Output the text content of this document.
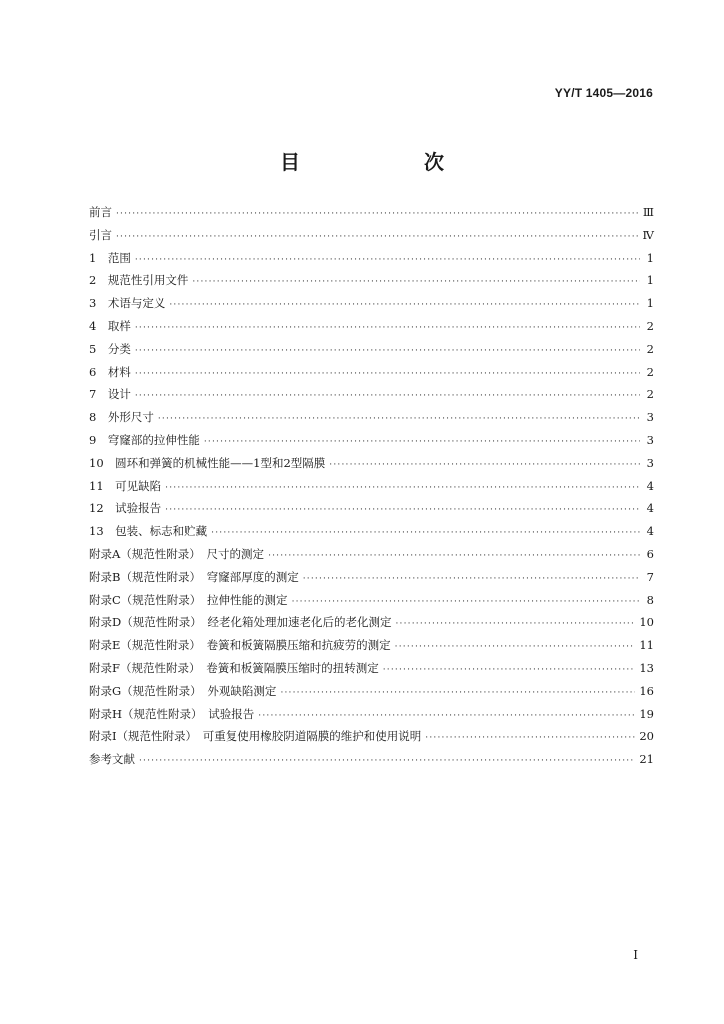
YY/T 1405—2016
目　　次
前言 ·····	Ⅲ
引言 ·····	Ⅳ
1　范围 ·····	1
2　规范性引用文件 ·····	1
3　术语与定义 ·····	1
4　取样 ·····	2
5　分类 ·····	2
6　材料 ·····	2
7　设计 ·····	2
8　外形尺寸 ·····	3
9　穹窿部的拉伸性能 ·····	3
10　圆环和弹簧的机械性能——1型和2型隔膜 ·····	3
11　可见缺陷 ·····	4
12　试验报告 ·····	4
13　包装、标志和贮藏 ·····	4
附录A（规范性附录）　尺寸的测定 ·····	6
附录B（规范性附录）　穹窿部厚度的测定 ·····	7
附录C（规范性附录）　拉伸性能的测定 ·····	8
附录D（规范性附录）　经老化箱处理加速老化后的老化测定 ·····	10
附录E（规范性附录）　卷簧和板簧隔膜压缩和抗疲劳的测定 ·····	11
附录F（规范性附录）　卷簧和板簧隔膜压缩时的扭转测定 ·····	13
附录G（规范性附录）　外观缺陷测定 ·····	16
附录H（规范性附录）　试验报告 ·····	19
附录I（规范性附录）　可重复使用橡胶阴道隔膜的维护和使用说明 ·····	20
参考文献 ·····	21
I
